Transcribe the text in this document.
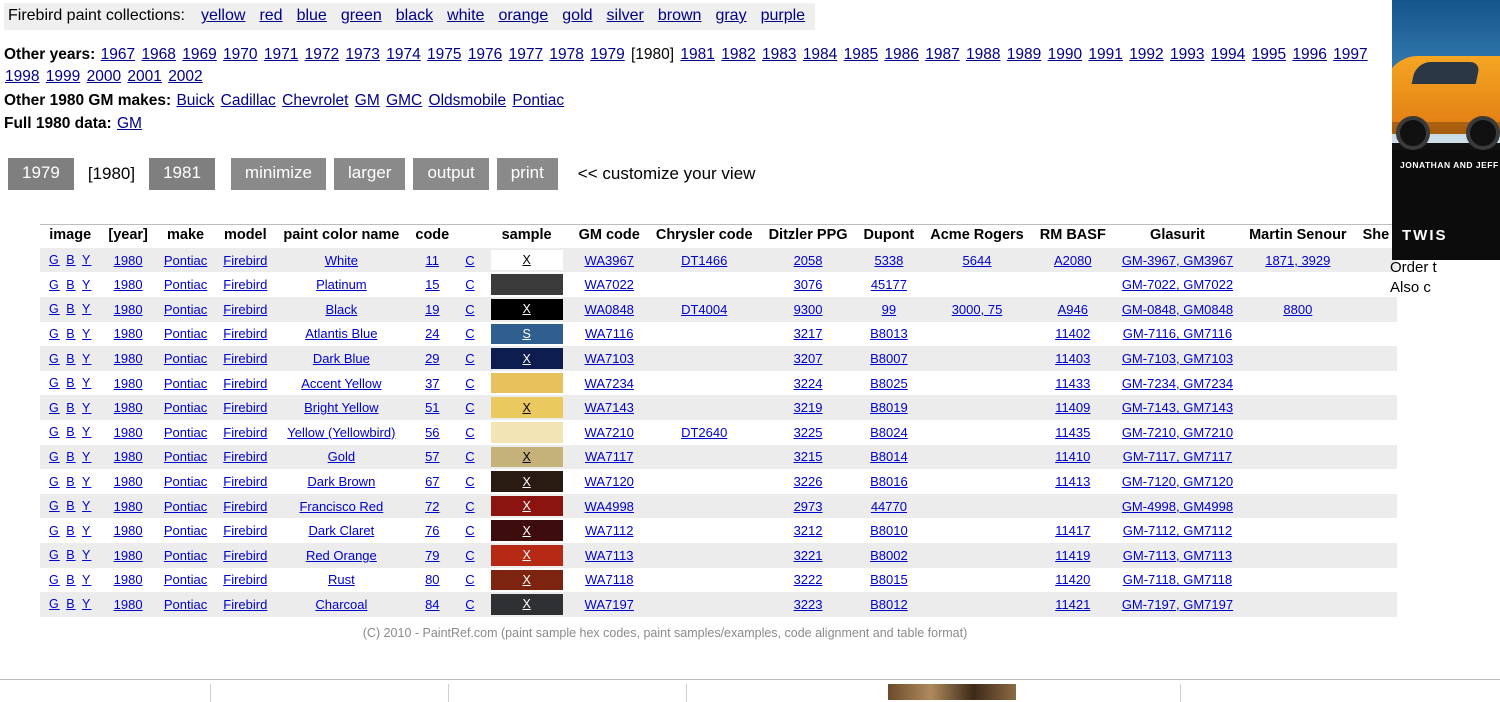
Firebird paint collections: yellow red blue green black white orange gold silver brown gray purple
Other years: 1967 1968 1969 1970 1971 1972 1973 1974 1975 1976 1977 1978 1979 [1980] 1981 1982 1983 1984 1985 1986 1987 1988 1989 1990 1991 1992 1993 1994 1995 1996 1997 1998 1999 2000 2001 2002
Other 1980 GM makes: Buick Cadillac Chevrolet GM GMC Oldsmobile Pontiac
Full 1980 data: GM
1979	[1980]	1981	minimize	larger	output	print	<< customize your view	JONATHAN AND JEFF
TWIS
Order t
Also c
image	[year]	make	model	paint color name	code		sample	GM code	Chrysler code	Ditzler PPG	Dupont	Acme Rogers	RM BASF	Glasurit	Martin Senour	She
G B Y	1980	Pontiac	Firebird	White	11	C	X	WA3967	DT1466	2058	5338	5644	A2080	GM-3967, GM3967	1871, 3929	
G B Y	1980	Pontiac	Firebird	Platinum	15	C		WA7022		3076	45177			GM-7022, GM7022		
G B Y	1980	Pontiac	Firebird	Black	19	C	X	WA0848	DT4004	9300	99	3000, 75	A946	GM-0848, GM0848	8800	
G B Y	1980	Pontiac	Firebird	Atlantis Blue	24	C	S	WA7116		3217	B8013		11402	GM-7116, GM7116		
G B Y	1980	Pontiac	Firebird	Dark Blue	29	C	X	WA7103		3207	B8007		11403	GM-7103, GM7103		
G B Y	1980	Pontiac	Firebird	Accent Yellow	37	C		WA7234		3224	B8025		11433	GM-7234, GM7234		
G B Y	1980	Pontiac	Firebird	Bright Yellow	51	C	X	WA7143		3219	B8019		11409	GM-7143, GM7143		
G B Y	1980	Pontiac	Firebird	Yellow (Yellowbird)	56	C		WA7210	DT2640	3225	B8024		11435	GM-7210, GM7210		
G B Y	1980	Pontiac	Firebird	Gold	57	C	X	WA7117		3215	B8014		11410	GM-7117, GM7117		
G B Y	1980	Pontiac	Firebird	Dark Brown	67	C	X	WA7120		3226	B8016		11413	GM-7120, GM7120		
G B Y	1980	Pontiac	Firebird	Francisco Red	72	C	X	WA4998		2973	44770			GM-4998, GM4998		
G B Y	1980	Pontiac	Firebird	Dark Claret	76	C	X	WA7112		3212	B8010		11417	GM-7112, GM7112		
G B Y	1980	Pontiac	Firebird	Red Orange	79	C	X	WA7113		3221	B8002		11419	GM-7113, GM7113		
G B Y	1980	Pontiac	Firebird	Rust	80	C	X	WA7118		3222	B8015		11420	GM-7118, GM7118		
G B Y	1980	Pontiac	Firebird	Charcoal	84	C	X	WA7197		3223	B8012		11421	GM-7197, GM7197		
(C) 2010 - PaintRef.com (paint sample hex codes, paint samples/examples, code alignment and table format)
